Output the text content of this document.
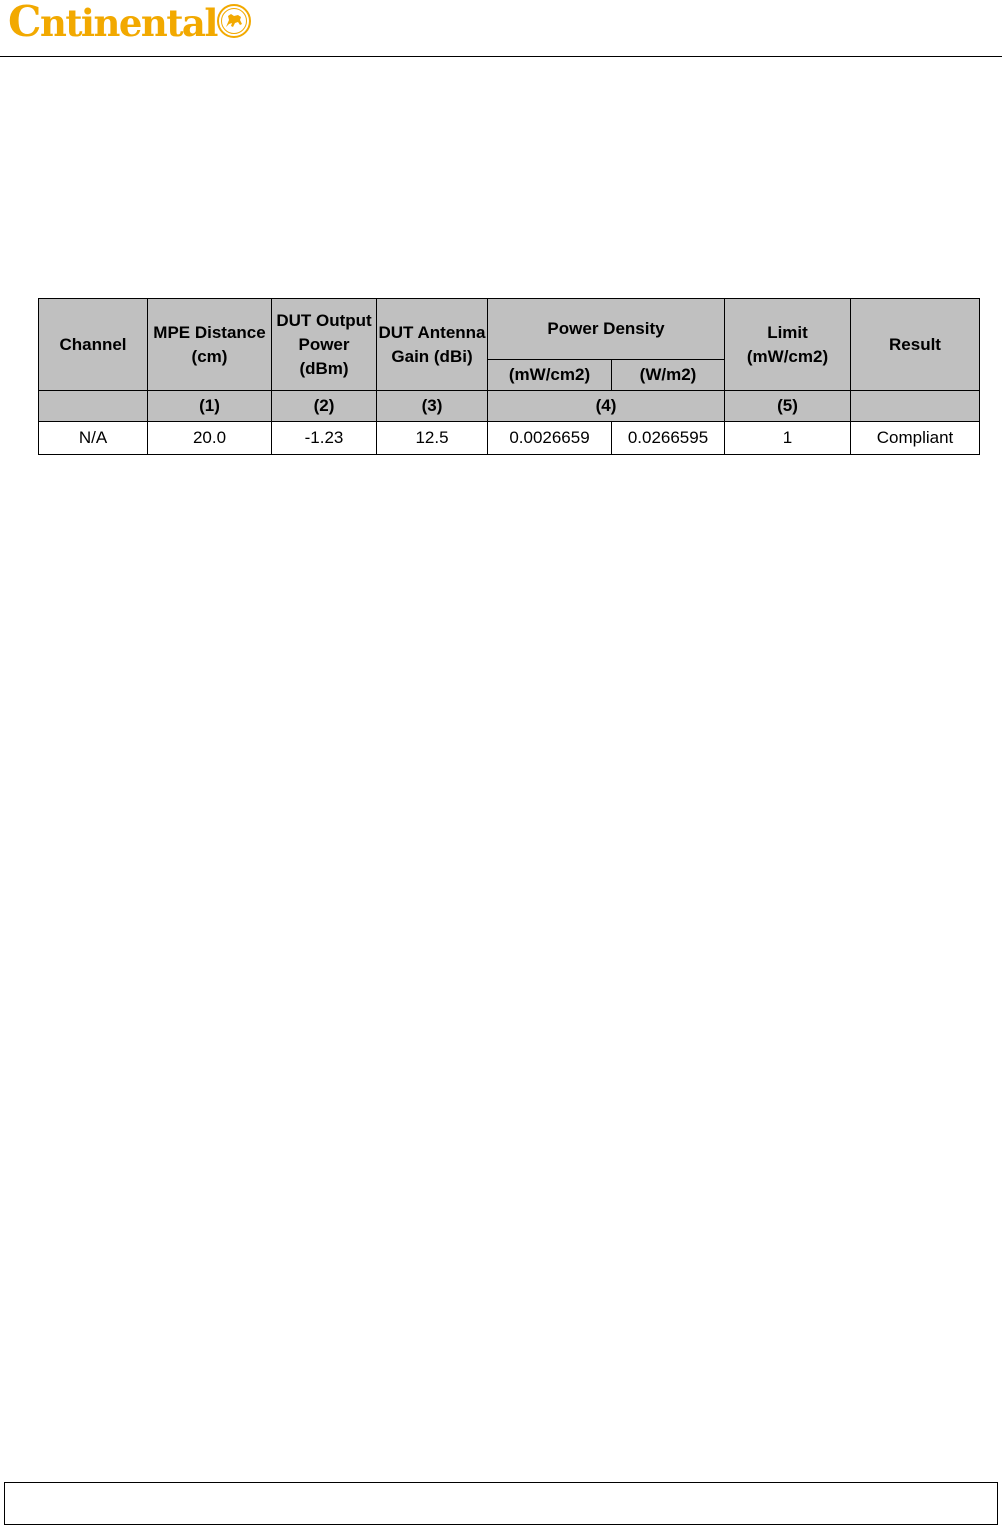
Cntinental
Channel	MPE Distance (cm)	DUT Output Power (dBm)	DUT Antenna Gain (dBi)	Power Density		Limit (mW/cm2)	Result
				(mW/cm2)	(W/m2)		
	(1)	(2)	(3)	(4)		(5)	
N/A	20.0	-1.23	12.5	0.0026659	0.0266595	1	Compliant
